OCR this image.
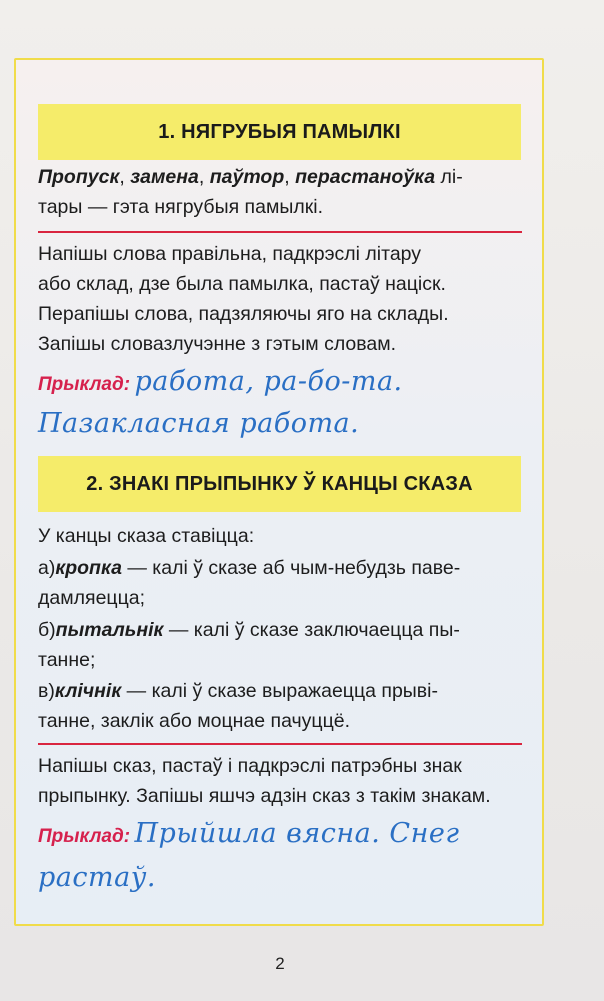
1. НЯГРУБЫЯ ПАМЫЛКІ
Пропуск, замена, паўтор, перастаноўка лі-
тары — гэта нягрубыя памылкі.
Напішы слова правільна, падкрэслі літару
або склад, дзе была памылка, пастаў націск.
Перапішы слова, падзяляючы яго на склады.
Запішы словазлучэнне з гэтым словам.
Прыклад: работа, ра-бо-та.
Пазакласная работа.
2. ЗНАКІ ПРЫПЫНКУ Ў КАНЦЫ СКАЗА
У канцы сказа ставіцца:
а)кропка — калі ў сказе аб чым-небудзь паве-
дамляецца;
б)пытальнік — калі ў сказе заключаецца пы-
танне;
в)клічнік — калі ў сказе выражаецца прыві-
танне, заклік або моцнае пачуццё.
Напішы сказ, пастаў і падкрэслі патрэбны знак
прыпынку. Запішы яшчэ адзін сказ з такім знакам.
Прыклад: Прыйшла вясна. Снег
растаў.
2
